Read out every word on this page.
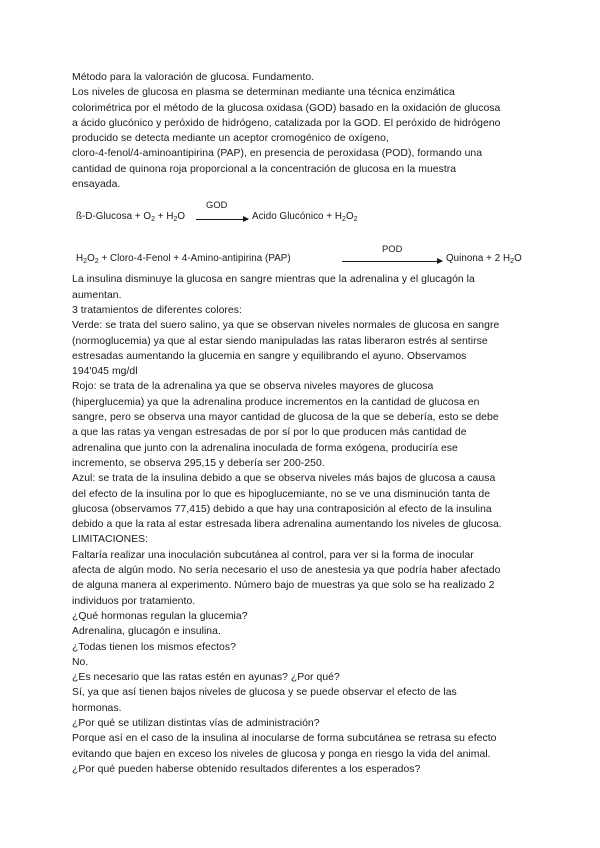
Método para la valoración de glucosa. Fundamento.
Los niveles de glucosa en plasma se determinan mediante una técnica enzimática
colorimétrica por el método de la glucosa oxidasa (GOD) basado en la oxidación de glucosa
a ácido glucónico y peróxido de hidrógeno, catalizada por la GOD. El peróxido de hidrógeno
producido se detecta mediante un aceptor cromogénico de oxígeno,
cloro-4-fenol/4-aminoantipirina (PAP), en presencia de peroxidasa (POD), formando una
cantidad de quinona roja proporcional a la concentración de glucosa en la muestra
ensayada.
ß-D-Glucosa + $O_2 + H_2O$
GOD
Acido Glucónico + $H_2O_2$
$H_2O_2$ + Cloro-4-Fenol + 4-Amino-antipirina (PAP)
POD
Quinona + 2 $H_2O$
La insulina disminuye la glucosa en sangre mientras que la adrenalina y el glucagón la
aumentan.
3 tratamientos de diferentes colores:
Verde: se trata del suero salino, ya que se observan niveles normales de glucosa en sangre
(normoglucemia) ya que al estar siendo manipuladas las ratas liberaron estrés al sentirse
estresadas aumentando la glucemia en sangre y equilibrando el ayuno. Observamos
194'045 mg/dl
Rojo: se trata de la adrenalina ya que se observa niveles mayores de glucosa
(hiperglucemia) ya que la adrenalina produce incrementos en la cantidad de glucosa en
sangre, pero se observa una mayor cantidad de glucosa de la que se debería, esto se debe
a que las ratas ya vengan estresadas de por sí por lo que producen más cantidad de
adrenalina que junto con la adrenalina inoculada de forma exógena, produciría ese
incremento, se observa 295,15 y debería ser 200-250.
Azul: se trata de la insulina debido a que se observa niveles más bajos de glucosa a causa
del efecto de la insulina por lo que es hipoglucemiante, no se ve una disminución tanta de
glucosa (observamos 77,415) debido a que hay una contraposición al efecto de la insulina
debido a que la rata al estar estresada libera adrenalina aumentando los niveles de glucosa.
LIMITACIONES:
Faltaría realizar una inoculación subcutánea al control, para ver si la forma de inocular
afecta de algún modo. No sería necesario el uso de anestesia ya que podría haber afectado
de alguna manera al experimento. Número bajo de muestras ya que solo se ha realizado 2
individuos por tratamiento.
¿Qué hormonas regulan la glucemia?
Adrenalina, glucagón e insulina.
¿Todas tienen los mismos efectos?
No.
¿Es necesario que las ratas estén en ayunas? ¿Por qué?
Sí, ya que así tienen bajos niveles de glucosa y se puede observar el efecto de las
hormonas.
¿Por qué se utilizan distintas vías de administración?
Porque así en el caso de la insulina al inocularse de forma subcutánea se retrasa su efecto
evitando que bajen en exceso los niveles de glucosa y ponga en riesgo la vida del animal.
¿Por qué pueden haberse obtenido resultados diferentes a los esperados?
